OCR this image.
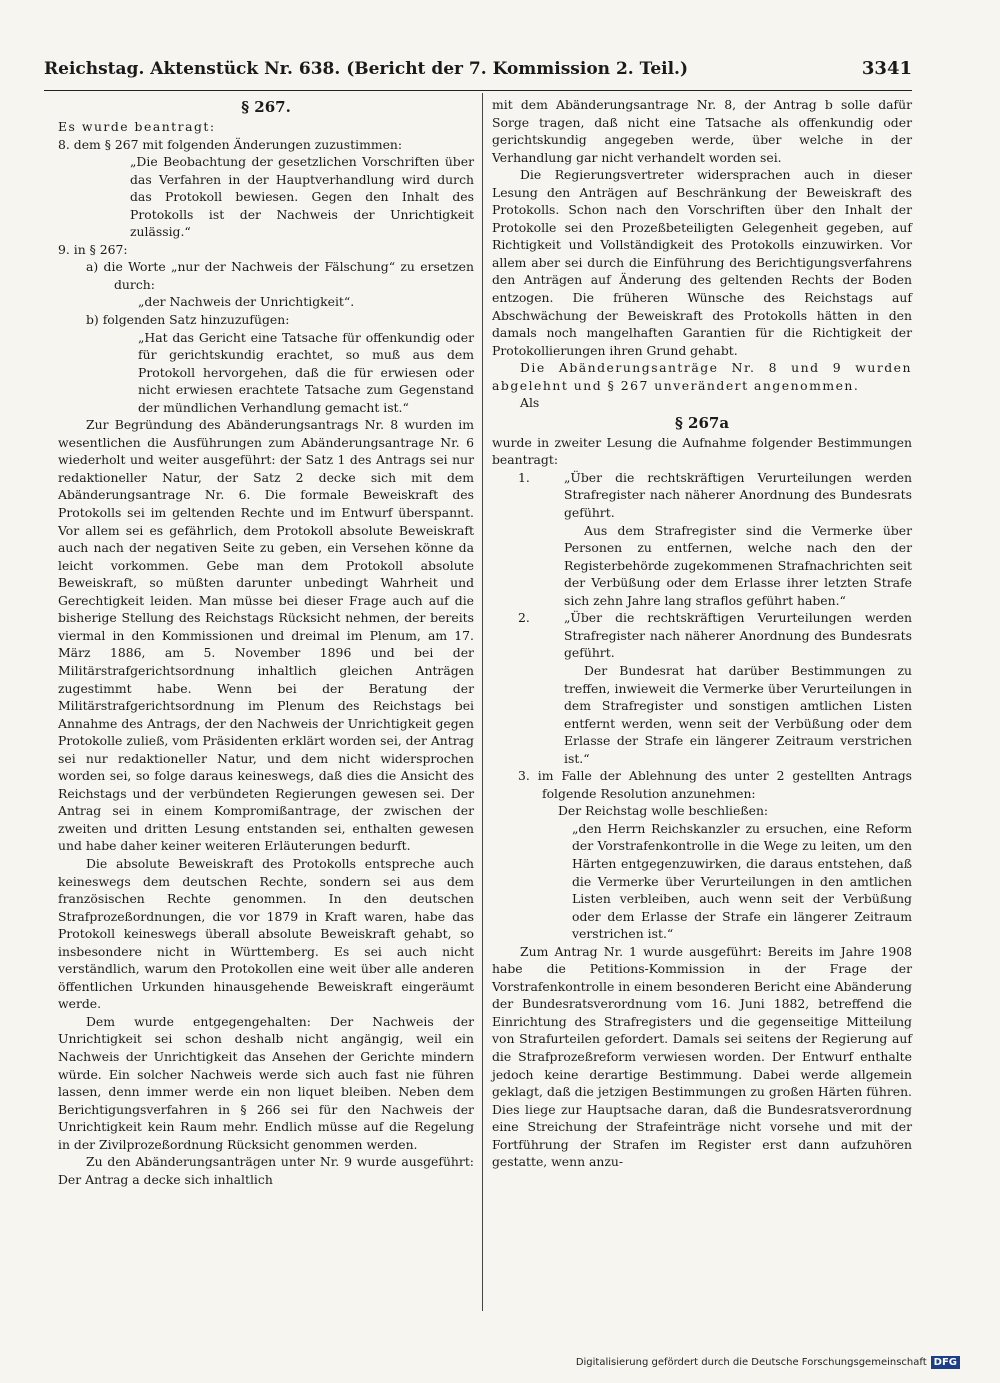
Reichstag. Aktenstück Nr. 638. (Bericht der 7. Kommission 2. Teil.)	3341

§ 267.

Es wurde beantragt:

8. dem § 267 mit folgenden Änderungen zuzustimmen:

„Die Beobachtung der gesetzlichen Vorschriften über das Verfahren in der Hauptverhandlung wird durch das Protokoll bewiesen. Gegen den Inhalt des Protokolls ist der Nachweis der Unrichtigkeit zulässig.“

9. in § 267:

a) die Worte „nur der Nachweis der Fälschung“ zu ersetzen durch:

„der Nachweis der Unrichtigkeit“.

b) folgenden Satz hinzuzufügen:

„Hat das Gericht eine Tatsache für offenkundig oder für gerichtskundig erachtet, so muß aus dem Protokoll hervorgehen, daß die für erwiesen oder nicht erwiesen erachtete Tatsache zum Gegenstand der mündlichen Verhandlung gemacht ist.“

Zur Begründung des Abänderungsantrags Nr. 8 wurden im wesentlichen die Ausführungen zum Abänderungsantrage Nr. 6 wiederholt und weiter ausgeführt: der Satz 1 des Antrags sei nur redaktioneller Natur, der Satz 2 decke sich mit dem Abänderungsantrage Nr. 6. Die formale Beweiskraft des Protokolls sei im geltenden Rechte und im Entwurf überspannt. Vor allem sei es gefährlich, dem Protokoll absolute Beweiskraft auch nach der negativen Seite zu geben, ein Versehen könne da leicht vorkommen. Gebe man dem Protokoll absolute Beweiskraft, so müßten darunter unbedingt Wahrheit und Gerechtigkeit leiden. Man müsse bei dieser Frage auch auf die bisherige Stellung des Reichstags Rücksicht nehmen, der bereits viermal in den Kommissionen und dreimal im Plenum, am 17. März 1886, am 5. November 1896 und bei der Militärstrafgerichtsordnung inhaltlich gleichen Anträgen zugestimmt habe. Wenn bei der Beratung der Militärstrafgerichtsordnung im Plenum des Reichstags bei Annahme des Antrags, der den Nachweis der Unrichtigkeit gegen Protokolle zuließ, vom Präsidenten erklärt worden sei, der Antrag sei nur redaktioneller Natur, und dem nicht widersprochen worden sei, so folge daraus keineswegs, daß dies die Ansicht des Reichstags und der verbündeten Regierungen gewesen sei. Der Antrag sei in einem Kompromißantrage, der zwischen der zweiten und dritten Lesung entstanden sei, enthalten gewesen und habe daher keiner weiteren Erläuterungen bedurft.

Die absolute Beweiskraft des Protokolls entspreche auch keineswegs dem deutschen Rechte, sondern sei aus dem französischen Rechte genommen. In den deutschen Strafprozeßordnungen, die vor 1879 in Kraft waren, habe das Protokoll keineswegs überall absolute Beweiskraft gehabt, so insbesondere nicht in Württemberg. Es sei auch nicht verständlich, warum den Protokollen eine weit über alle anderen öffentlichen Urkunden hinausgehende Beweiskraft eingeräumt werde.

Dem wurde entgegengehalten: Der Nachweis der Unrichtigkeit sei schon deshalb nicht angängig, weil ein Nachweis der Unrichtigkeit das Ansehen der Gerichte mindern würde. Ein solcher Nachweis werde sich auch fast nie führen lassen, denn immer werde ein non liquet bleiben. Neben dem Berichtigungsverfahren in § 266 sei für den Nachweis der Unrichtigkeit kein Raum mehr. Endlich müsse auf die Regelung in der Zivilprozeßordnung Rücksicht genommen werden.

Zu den Abänderungsanträgen unter Nr. 9 wurde ausgeführt: Der Antrag a decke sich inhaltlich

mit dem Abänderungsantrage Nr. 8, der Antrag b solle dafür Sorge tragen, daß nicht eine Tatsache als offenkundig oder gerichtskundig angegeben werde, über welche in der Verhandlung gar nicht verhandelt worden sei.

Die Regierungsvertreter widersprachen auch in dieser Lesung den Anträgen auf Beschränkung der Beweiskraft des Protokolls. Schon nach den Vorschriften über den Inhalt der Protokolle sei den Prozeßbeteiligten Gelegenheit gegeben, auf Richtigkeit und Vollständigkeit des Protokolls einzuwirken. Vor allem aber sei durch die Einführung des Berichtigungsverfahrens den Anträgen auf Änderung des geltenden Rechts der Boden entzogen. Die früheren Wünsche des Reichstags auf Abschwächung der Beweiskraft des Protokolls hätten in den damals noch mangelhaften Garantien für die Richtigkeit der Protokollierungen ihren Grund gehabt.

Die Abänderungsanträge Nr. 8 und 9 wurden abgelehnt und § 267 unverändert angenommen.

Als

§ 267a

wurde in zweiter Lesung die Aufnahme folgender Bestimmungen beantragt:

1.	„Über die rechtskräftigen Verurteilungen werden Strafregister nach näherer Anordnung des Bundesrats geführt.

Aus dem Strafregister sind die Vermerke über Personen zu entfernen, welche nach den der Registerbehörde zugekommenen Strafnachrichten seit der Verbüßung oder dem Erlasse ihrer letzten Strafe sich zehn Jahre lang straflos geführt haben.“

2.	„Über die rechtskräftigen Verurteilungen werden Strafregister nach näherer Anordnung des Bundesrats geführt.

Der Bundesrat hat darüber Bestimmungen zu treffen, inwieweit die Vermerke über Verurteilungen in dem Strafregister und sonstigen amtlichen Listen entfernt werden, wenn seit der Verbüßung oder dem Erlasse der Strafe ein längerer Zeitraum verstrichen ist.“

3. im Falle der Ablehnung des unter 2 gestellten Antrags folgende Resolution anzunehmen:

Der Reichstag wolle beschließen:

„den Herrn Reichskanzler zu ersuchen, eine Reform der Vorstrafenkontrolle in die Wege zu leiten, um den Härten entgegenzuwirken, die daraus entstehen, daß die Vermerke über Verurteilungen in den amtlichen Listen verbleiben, auch wenn seit der Verbüßung oder dem Erlasse der Strafe ein längerer Zeitraum verstrichen ist.“

Zum Antrag Nr. 1 wurde ausgeführt: Bereits im Jahre 1908 habe die Petitions-Kommission in der Frage der Vorstrafenkontrolle in einem besonderen Bericht eine Abänderung der Bundesratsverordnung vom 16. Juni 1882, betreffend die Einrichtung des Strafregisters und die gegenseitige Mitteilung von Strafurteilen gefordert. Damals sei seitens der Regierung auf die Strafprozeßreform verwiesen worden. Der Entwurf enthalte jedoch keine derartige Bestimmung. Dabei werde allgemein geklagt, daß die jetzigen Bestimmungen zu großen Härten führen. Dies liege zur Hauptsache daran, daß die Bundesratsverordnung eine Streichung der Strafeinträge nicht vorsehe und mit der Fortführung der Strafen im Register erst dann aufzuhören gestatte, wenn anzu-

Digitalisierung gefördert durch die Deutsche Forschungsgemeinschaft DFG
